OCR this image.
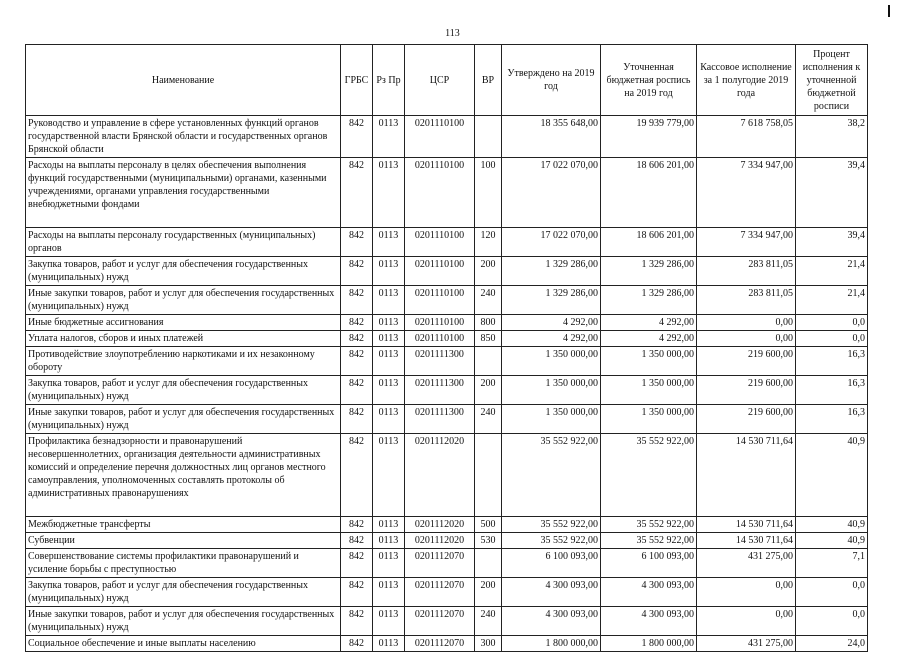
113
Наименование	ГРБС	Рз Пр	ЦСР	ВР	Утверждено на 2019 год	Уточненная бюджетная роспись на 2019 год	Кассовое исполнение за 1 полугодие 2019 года	Процент исполнения к уточненной бюджетной росписи
Руководство и управление в сфере установленных функций органов государственной власти Брянской области и государственных органов Брянской области	842	0113	0201110100		18 355 648,00	19 939 779,00	7 618 758,05	38,2
Расходы на выплаты персоналу в целях обеспечения выполнения функций государственными (муниципальными) органами, казенными учреждениями, органами управления государственными внебюджетными фондами	842	0113	0201110100	100	17 022 070,00	18 606 201,00	7 334 947,00	39,4
Расходы на выплаты персоналу государственных (муниципальных) органов	842	0113	0201110100	120	17 022 070,00	18 606 201,00	7 334 947,00	39,4
Закупка товаров, работ и услуг для обеспечения государственных (муниципальных) нужд	842	0113	0201110100	200	1 329 286,00	1 329 286,00	283 811,05	21,4
Иные закупки товаров, работ и услуг для обеспечения государственных (муниципальных) нужд	842	0113	0201110100	240	1 329 286,00	1 329 286,00	283 811,05	21,4
Иные бюджетные ассигнования	842	0113	0201110100	800	4 292,00	4 292,00	0,00	0,0
Уплата налогов, сборов и иных платежей	842	0113	0201110100	850	4 292,00	4 292,00	0,00	0,0
Противодействие злоупотреблению наркотиками и их незаконному обороту	842	0113	0201111300		1 350 000,00	1 350 000,00	219 600,00	16,3
Закупка товаров, работ и услуг для обеспечения государственных (муниципальных) нужд	842	0113	0201111300	200	1 350 000,00	1 350 000,00	219 600,00	16,3
Иные закупки товаров, работ и услуг для обеспечения государственных (муниципальных) нужд	842	0113	0201111300	240	1 350 000,00	1 350 000,00	219 600,00	16,3
Профилактика безнадзорности и правонарушений несовершеннолетних, организация деятельности административных комиссий и определение перечня должностных лиц органов местного самоуправления, уполномоченных составлять протоколы об административных правонарушениях	842	0113	0201112020		35 552 922,00	35 552 922,00	14 530 711,64	40,9
Межбюджетные трансферты	842	0113	0201112020	500	35 552 922,00	35 552 922,00	14 530 711,64	40,9
Субвенции	842	0113	0201112020	530	35 552 922,00	35 552 922,00	14 530 711,64	40,9
Совершенствование системы профилактики правонарушений и усиление борьбы с преступностью	842	0113	0201112070		6 100 093,00	6 100 093,00	431 275,00	7,1
Закупка товаров, работ и услуг для обеспечения государственных (муниципальных) нужд	842	0113	0201112070	200	4 300 093,00	4 300 093,00	0,00	0,0
Иные закупки товаров, работ и услуг для обеспечения государственных (муниципальных) нужд	842	0113	0201112070	240	4 300 093,00	4 300 093,00	0,00	0,0
Социальное обеспечение и иные выплаты населению	842	0113	0201112070	300	1 800 000,00	1 800 000,00	431 275,00	24,0
